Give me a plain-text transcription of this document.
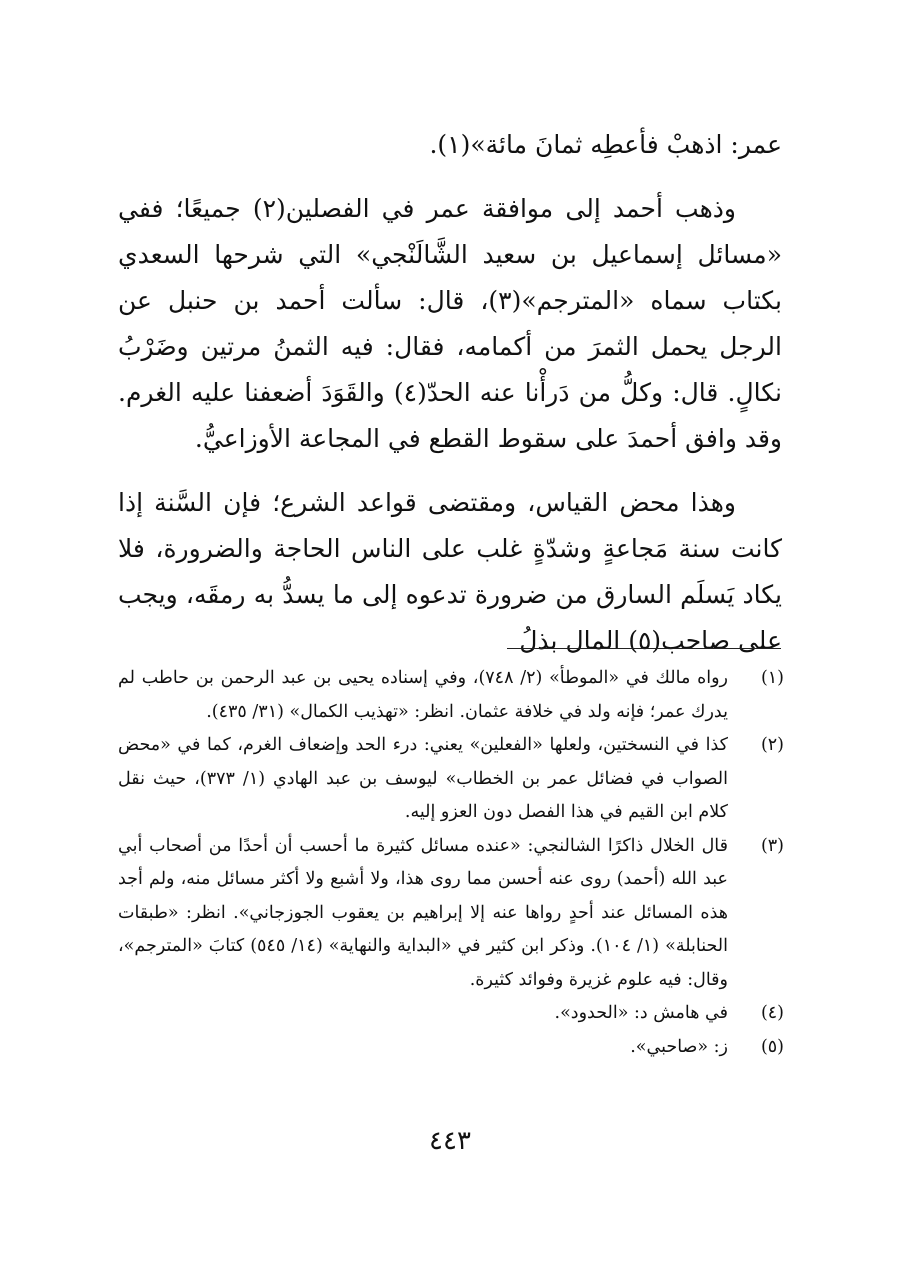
عمر: اذهبْ فأعطِه ثمانَ مائة»(١).

وذهب أحمد إلى موافقة عمر في الفصلين(٢) جميعًا؛ ففي «مسائل إسماعيل بن سعيد الشَّالَنْجي» التي شرحها السعدي بكتاب سماه «المترجم»(٣)، قال: سألت أحمد بن حنبل عن الرجل يحمل الثمرَ من أكمامه، فقال: فيه الثمنُ مرتين وضَرْبُ نكالٍ. قال: وكلُّ من دَرأْنا عنه الحدّ(٤) والقَوَدَ أضعفنا عليه الغرم. وقد وافق أحمدَ على سقوط القطع في المجاعة الأوزاعيُّ.

وهذا محض القياس، ومقتضى قواعد الشرع؛ فإن السَّنة إذا كانت سنة مَجاعةٍ وشدّةٍ غلب على الناس الحاجة والضرورة، فلا يكاد يَسلَم السارق من ضرورة تدعوه إلى ما يسدُّ به رمقَه، ويجب على صاحب(٥) المال بذلُ

(١)
رواه مالك في «الموطأ» (٢/ ٧٤٨)، وفي إسناده يحيى بن عبد الرحمن بن حاطب لم يدرك عمر؛ فإنه ولد في خلافة عثمان. انظر: «تهذيب الكمال» (٣١/ ٤٣٥).
(٢)
كذا في النسختين، ولعلها «الفعلين» يعني: درء الحد وإضعاف الغرم، كما في «محض الصواب في فضائل عمر بن الخطاب» ليوسف بن عبد الهادي (١/ ٣٧٣)، حيث نقل كلام ابن القيم في هذا الفصل دون العزو إليه.
(٣)
قال الخلال ذاكرًا الشالنجي: «عنده مسائل كثيرة ما أحسب أن أحدًا من أصحاب أبي عبد الله (أحمد) روى عنه أحسن مما روى هذا، ولا أشبع ولا أكثر مسائل منه، ولم أجد هذه المسائل عند أحدٍ رواها عنه إلا إبراهيم بن يعقوب الجوزجاني». انظر: «طبقات الحنابلة» (١/ ١٠٤). وذكر ابن كثير في «البداية والنهاية» (١٤/ ٥٤٥) كتابَ «المترجم»، وقال: فيه علوم غزيرة وفوائد كثيرة.
(٤)
في هامش د: «الحدود».
(٥)
ز: «صاحبي».
٤٤٣
